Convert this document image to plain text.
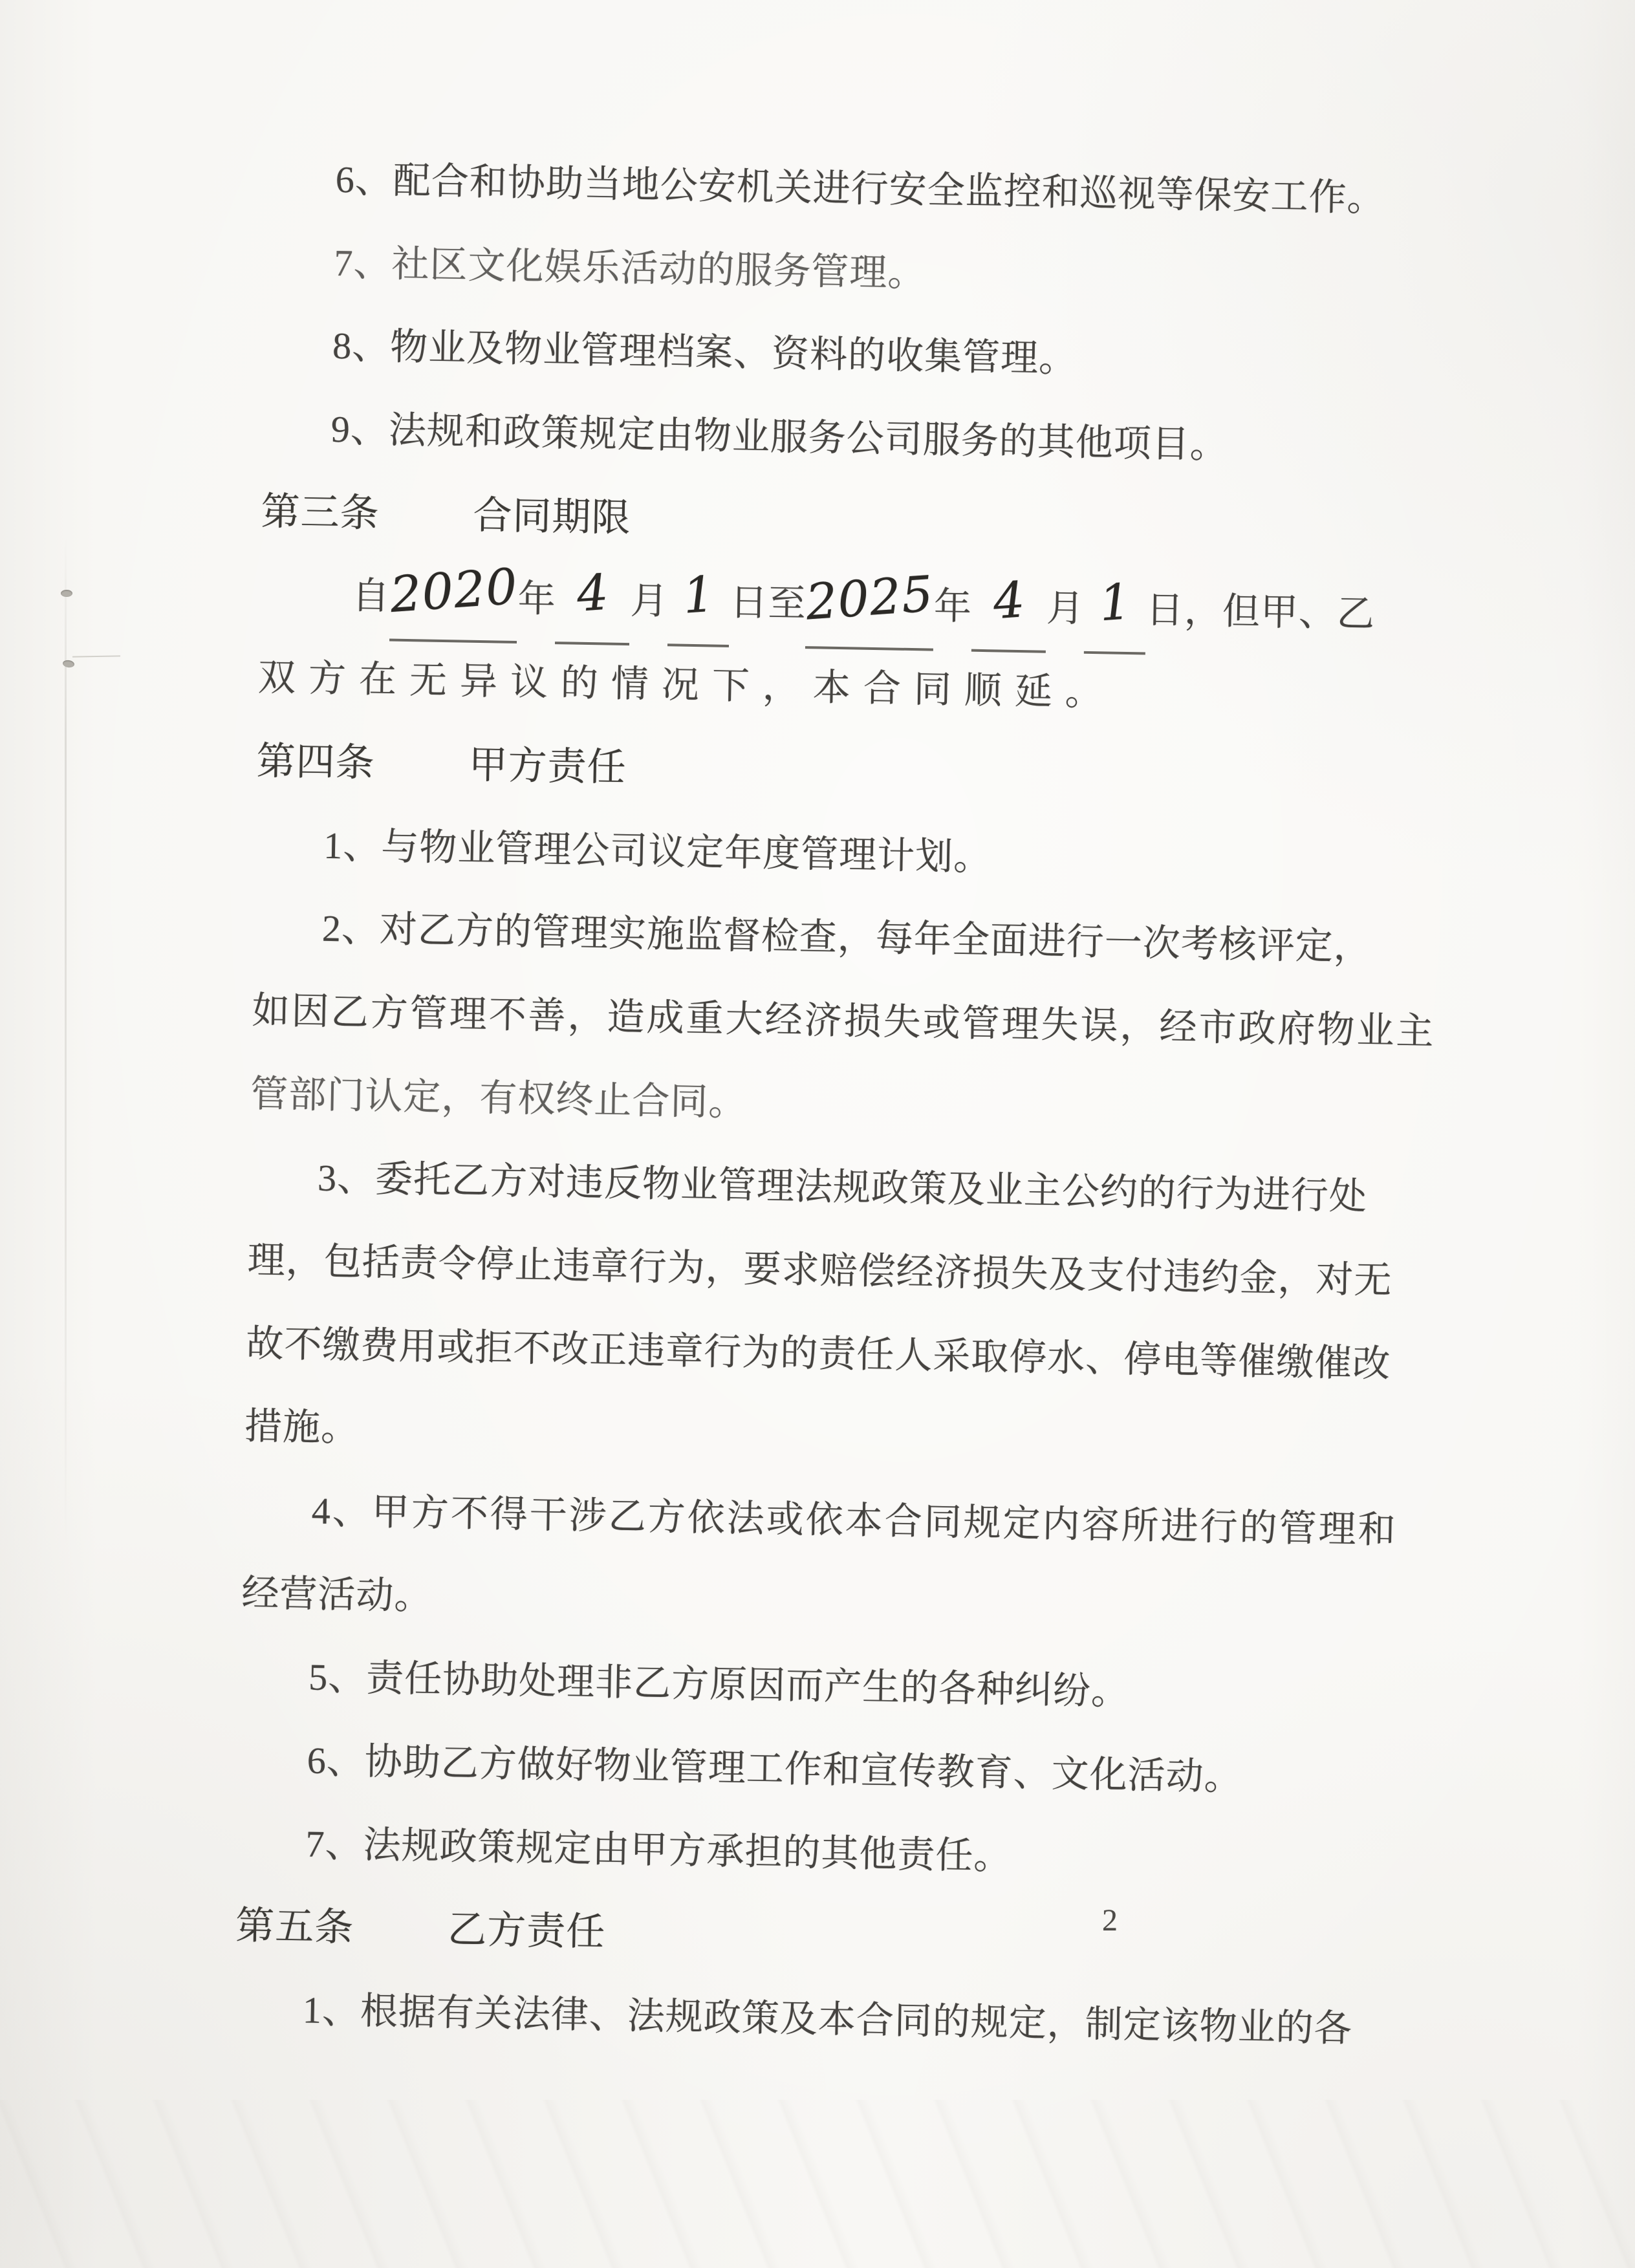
6、配合和协助当地公安机关进行安全监控和巡视等保安工作。
7、社区文化娱乐活动的服务管理。
8、物业及物业管理档案、资料的收集管理。
9、法规和政策规定由物业服务公司服务的其他项目。
第三条 合同期限
自2020年 4 月 1 日至2025年 4 月 1 日，但甲、乙
双方在无异议的情况下，本合同顺延。
第四条 甲方责任
1、与物业管理公司议定年度管理计划。
2、对乙方的管理实施监督检查，每年全面进行一次考核评定，
如因乙方管理不善，造成重大经济损失或管理失误，经市政府物业主
管部门认定，有权终止合同。
3、委托乙方对违反物业管理法规政策及业主公约的行为进行处
理，包括责令停止违章行为，要求赔偿经济损失及支付违约金，对无
故不缴费用或拒不改正违章行为的责任人采取停水、停电等催缴催改
措施。
4、甲方不得干涉乙方依法或依本合同规定内容所进行的管理和
经营活动。
5、责任协助处理非乙方原因而产生的各种纠纷。
6、协助乙方做好物业管理工作和宣传教育、文化活动。
7、法规政策规定由甲方承担的其他责任。
第五条 乙方责任
1、根据有关法律、法规政策及本合同的规定，制定该物业的各
2
